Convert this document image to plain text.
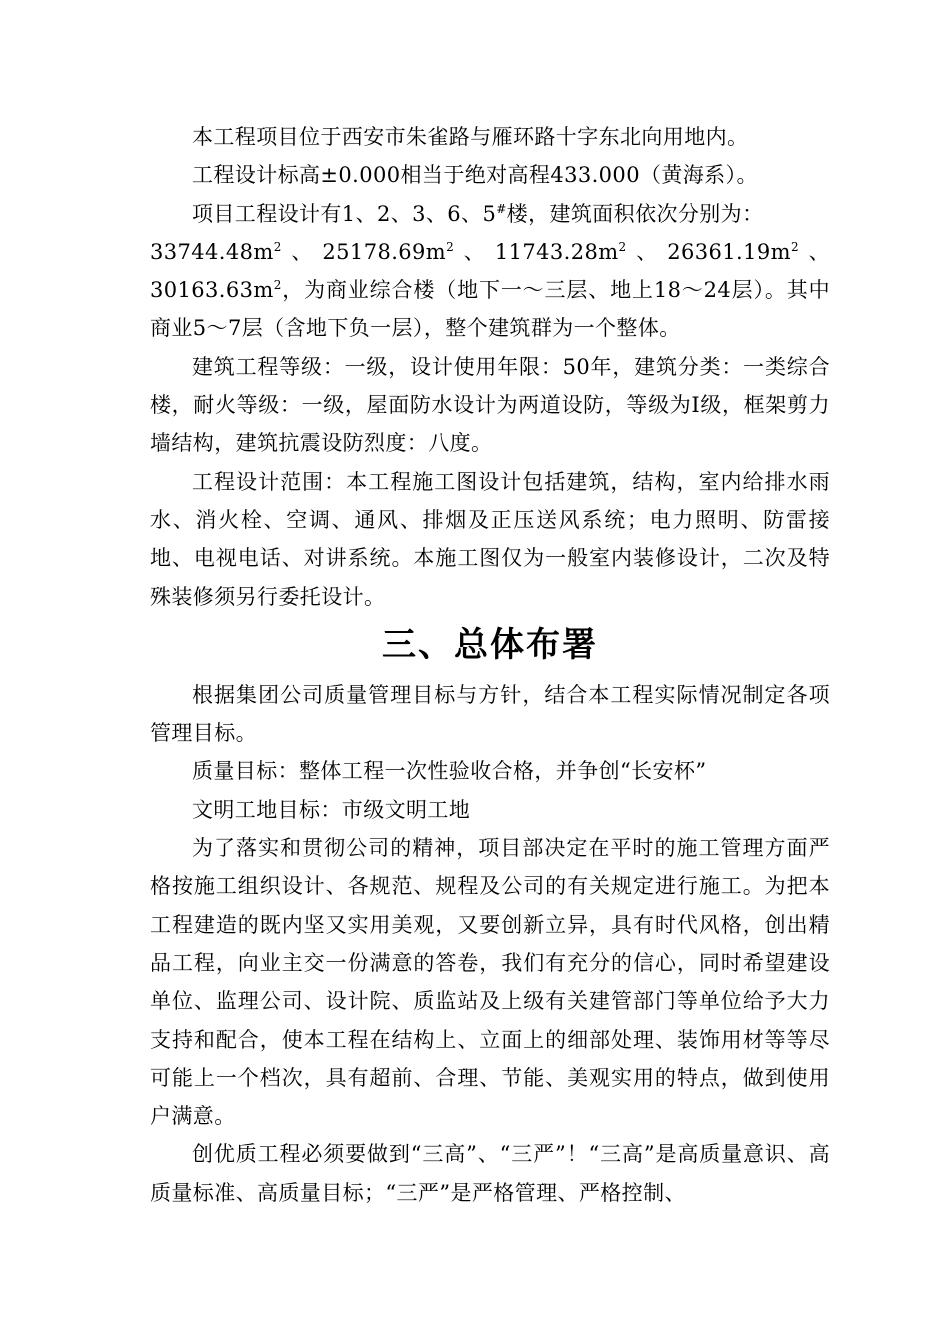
本工程项目位于西安市朱雀路与雁环路十字东北向用地内。

工程设计标高±0.000相当于绝对高程433.000（黄海系）。

项目工程设计有1、2、3、6、5#楼，建筑面积依次分别为：

$33744.48m^2$、$25178.69m^2$、$11743.28m^2$、$26361.19m^2$、$30163.63m^2$，为商业综合楼（地下一～三层、地上18～24层）。其中商业5～7层（含地下负一层），整个建筑群为一个整体。

建筑工程等级：一级，设计使用年限：50年，建筑分类：一类综合楼，耐火等级：一级，屋面防水设计为两道设防，等级为Ⅰ级，框架剪力墙结构，建筑抗震设防烈度：八度。

工程设计范围：本工程施工图设计包括建筑，结构，室内给排水雨水、消火栓、空调、通风、排烟及正压送风系统；电力照明、防雷接地、电视电话、对讲系统。本施工图仅为一般室内装修设计，二次及特殊装修须另行委托设计。

三、总体布署

根据集团公司质量管理目标与方针，结合本工程实际情况制定各项管理目标。

质量目标：整体工程一次性验收合格，并争创“长安杯”

文明工地目标：市级文明工地

为了落实和贯彻公司的精神，项目部决定在平时的施工管理方面严格按施工组织设计、各规范、规程及公司的有关规定进行施工。为把本工程建造的既内坚又实用美观，又要创新立异，具有时代风格，创出精品工程，向业主交一份满意的答卷，我们有充分的信心，同时希望建设单位、监理公司、设计院、质监站及上级有关建管部门等单位给予大力支持和配合，使本工程在结构上、立面上的细部处理、装饰用材等等尽可能上一个档次，具有超前、合理、节能、美观实用的特点，做到使用户满意。

创优质工程必须要做到“三高”、“三严”！“三高”是高质量意识、高质量标准、高质量目标；“三严”是严格管理、严格控制、
